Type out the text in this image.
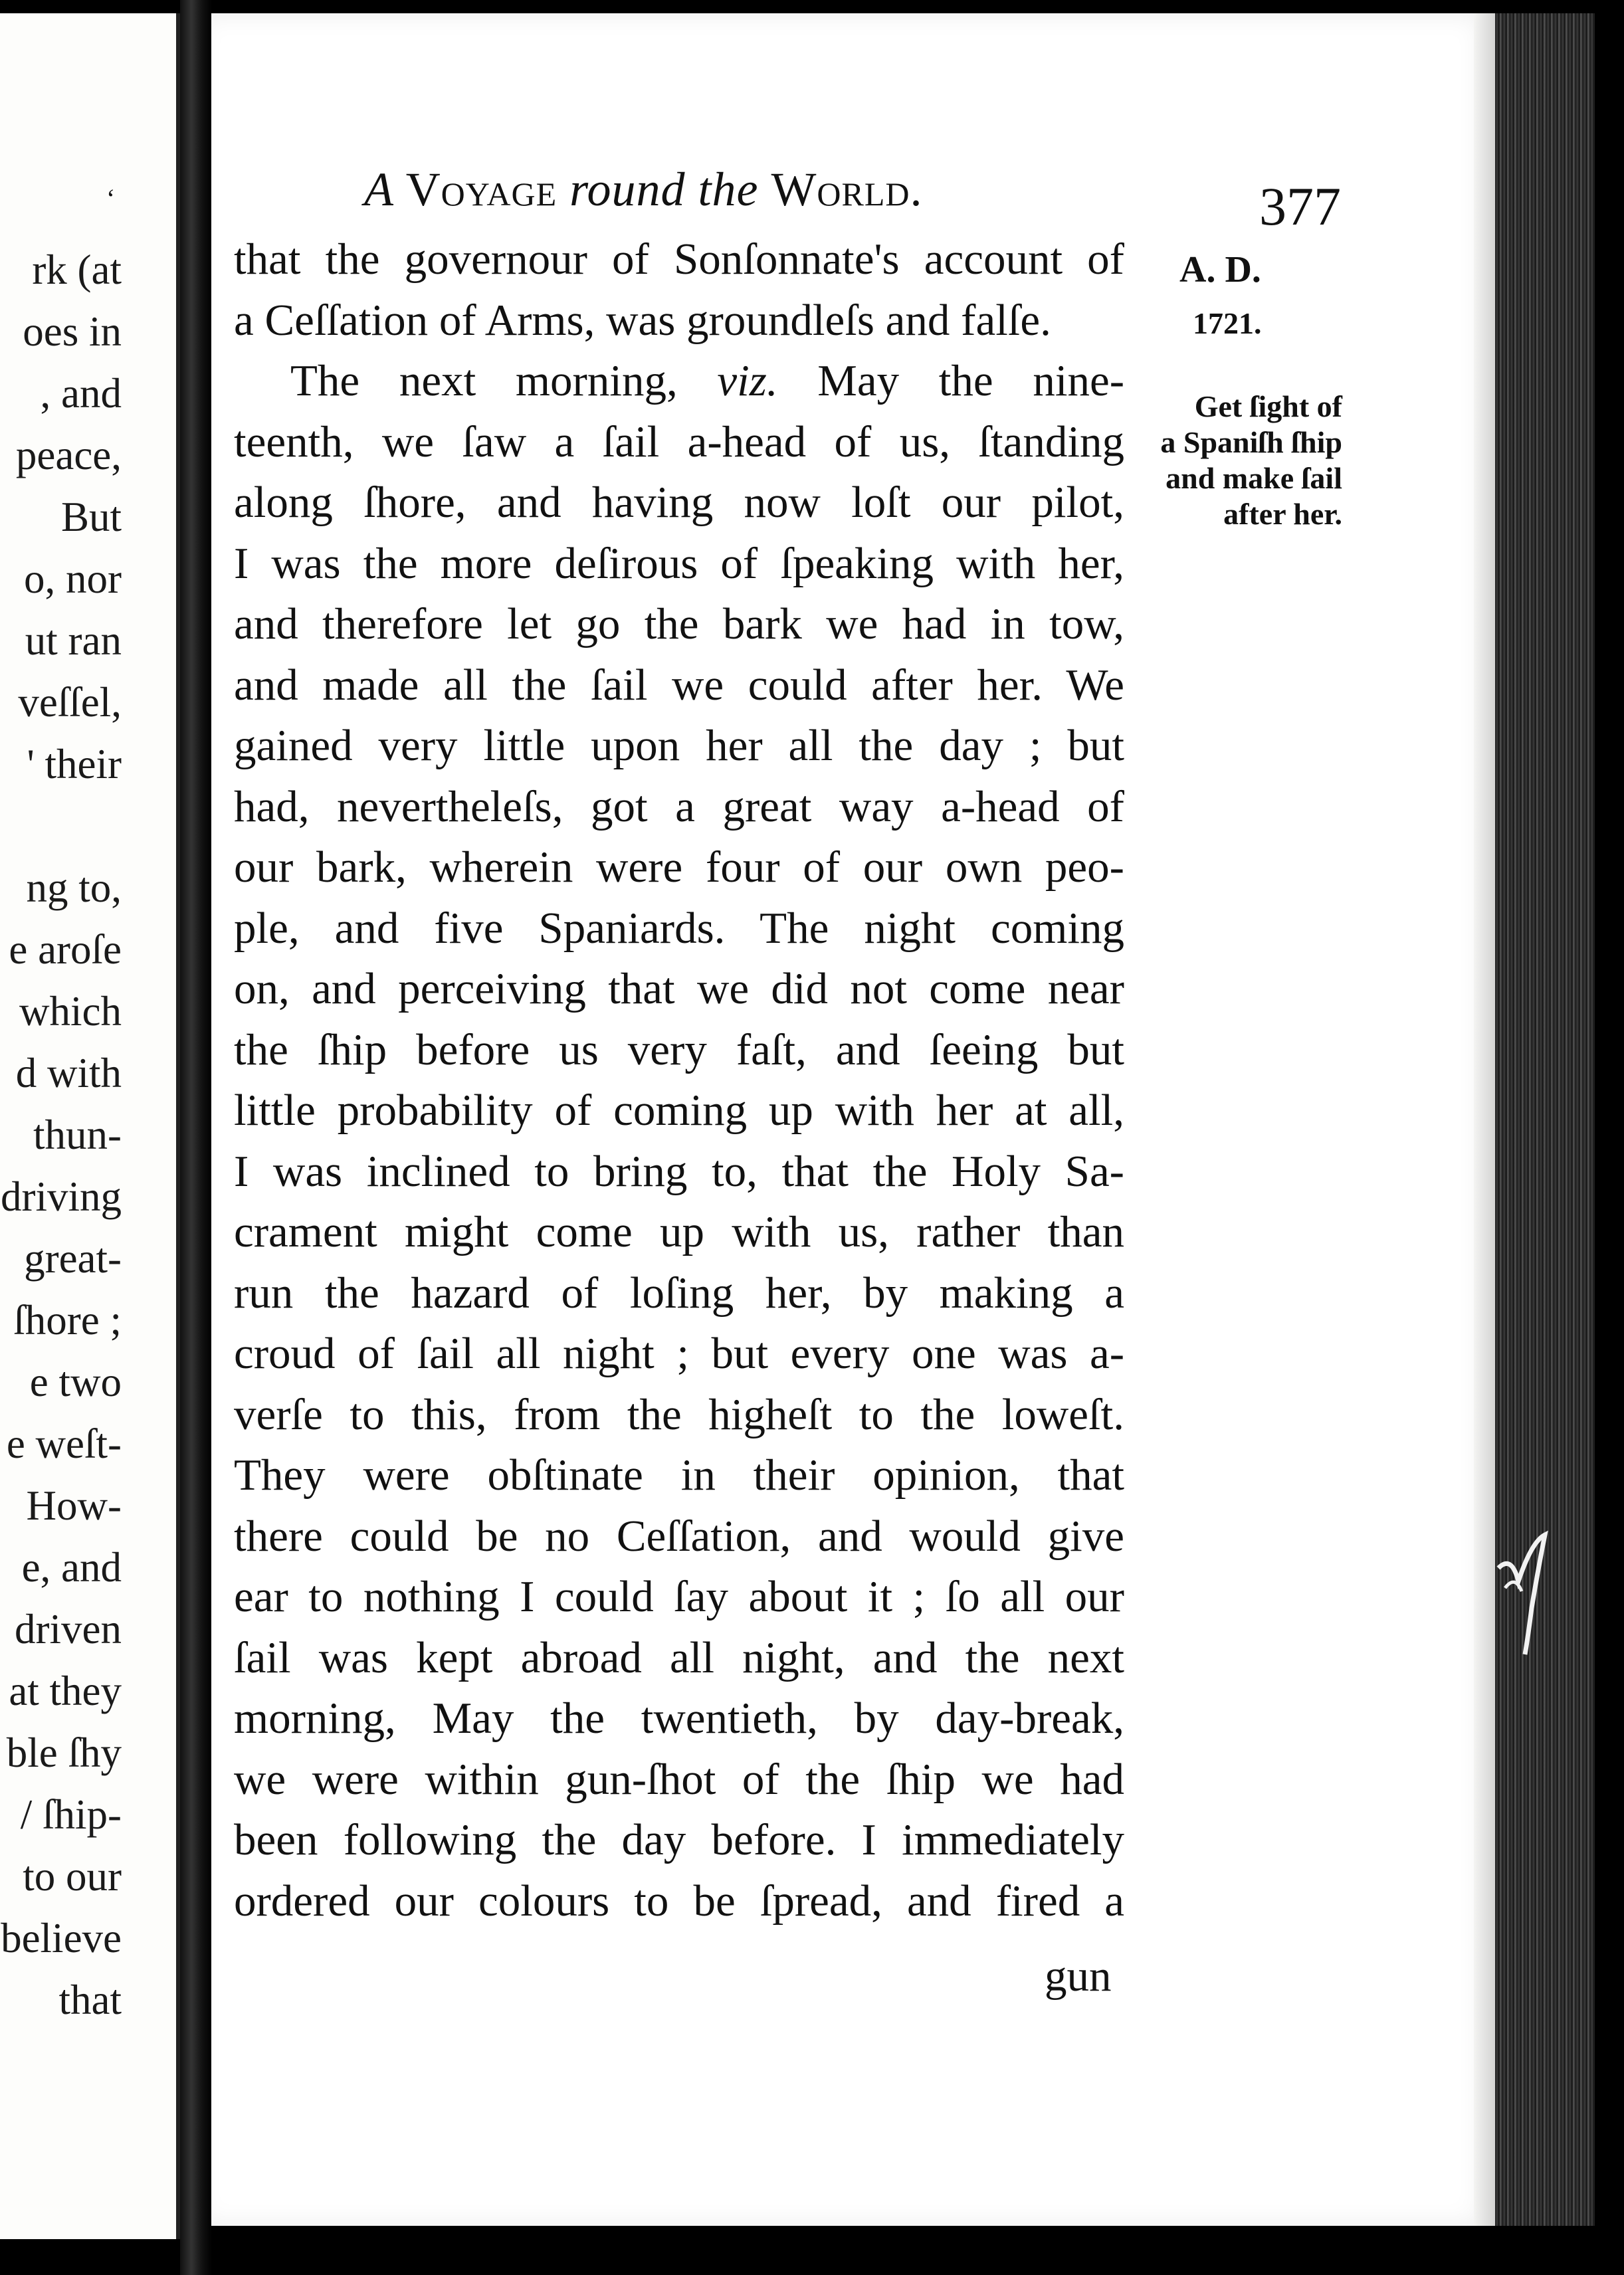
‘
rk (at
oes in
, and
peace,
But
o, nor
ut ran
veſſel,
' their
ng to,
e aroſe
which
d with
thun-
driving
great-
ſhore ;
e two
e weſt-
How-
e, and
driven
at they
ble ſhy
/ ſhip-
to our
believe
that
A Voyage round the World.	377
A. D.
1721.
Get ſight of
a Spaniſh ſhip
and make ſail
after her.
that the governour of Sonſonnate's account of
a Ceſſation of Arms, was groundleſs and falſe.
The next morning, viz. May the nine-
teenth, we ſaw a ſail a-head of us, ſtanding
along ſhore, and having now loſt our pilot,
I was the more deſirous of ſpeaking with her,
and therefore let go the bark we had in tow,
and made all the ſail we could after her. We
gained very little upon her all the day ; but
had, nevertheleſs, got a great way a-head of
our bark, wherein were four of our own peo-
ple, and five Spaniards. The night coming
on, and perceiving that we did not come near
the ſhip before us very faſt, and ſeeing but
little probability of coming up with her at all,
I was inclined to bring to, that the Holy Sa-
crament might come up with us, rather than
run the hazard of loſing her, by making a
croud of ſail all night ; but every one was a-
verſe to this, from the higheſt to the loweſt.
They were obſtinate in their opinion, that
there could be no Ceſſation, and would give
ear to nothing I could ſay about it ; ſo all our
ſail was kept abroad all night, and the next
morning, May the twentieth, by day-break,
we were within gun-ſhot of the ſhip we had
been following the day before. I immediately
ordered our colours to be ſpread, and fired a
gun
